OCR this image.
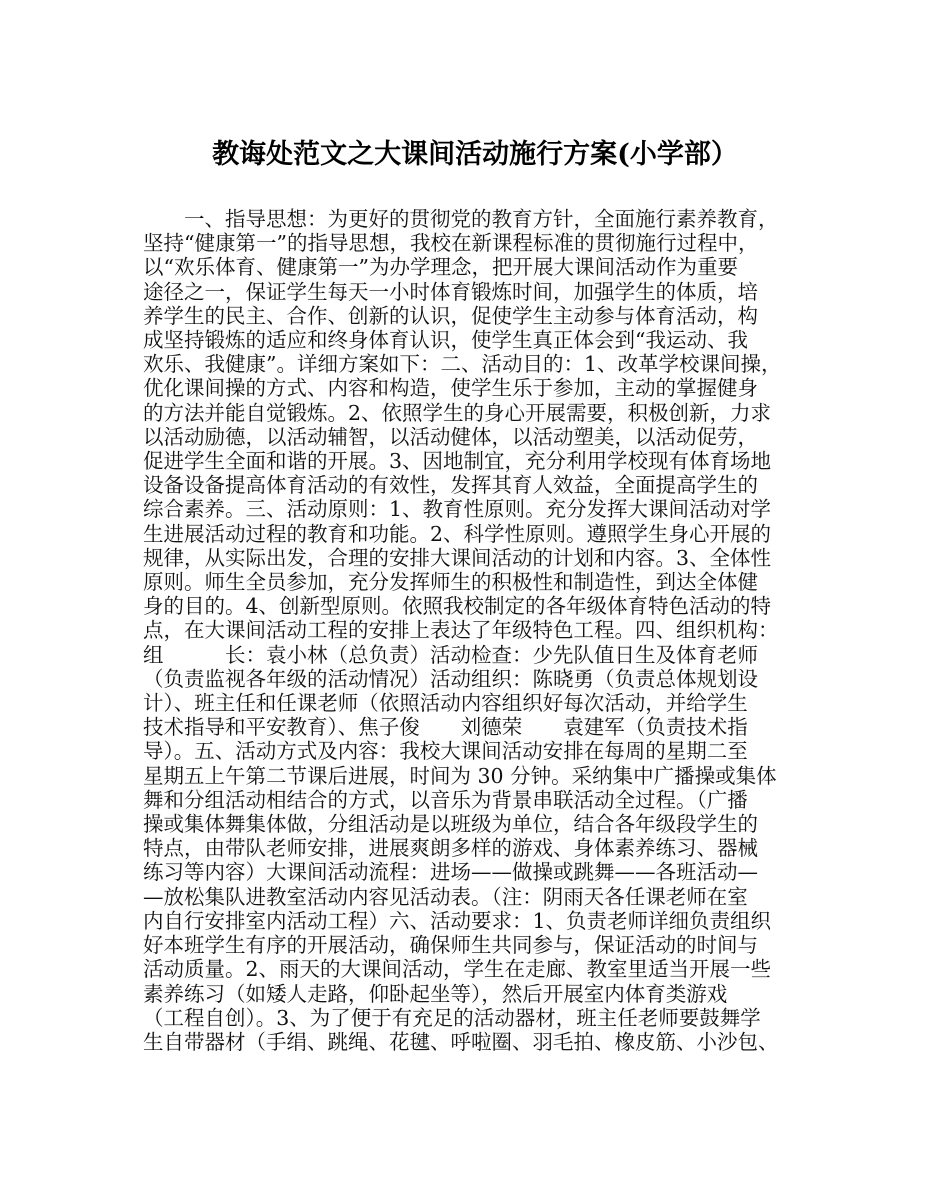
教诲处范文之大课间活动施行方案(小学部）
　　一、指导思想：为更好的贯彻党的教育方针，全面施行素养教育，
坚持“健康第一”的指导思想，我校在新课程标准的贯彻施行过程中，
以“欢乐体育、健康第一”为办学理念，把开展大课间活动作为重要
途径之一，保证学生每天一小时体育锻炼时间，加强学生的体质，培
养学生的民主、合作、创新的认识，促使学生主动参与体育活动，构
成坚持锻炼的适应和终身体育认识，使学生真正体会到“我运动、我
欢乐、我健康”。详细方案如下：二、活动目的：1、改革学校课间操，
优化课间操的方式、内容和构造，使学生乐于参加，主动的掌握健身
的方法并能自觉锻炼。2、依照学生的身心开展需要，积极创新，力求
以活动励德，以活动辅智，以活动健体，以活动塑美，以活动促劳，
促进学生全面和谐的开展。3、因地制宜，充分利用学校现有体育场地
设备设备提高体育活动的有效性，发挥其育人效益，全面提高学生的
综合素养。三、活动原则：1、教育性原则。充分发挥大课间活动对学
生进展活动过程的教育和功能。2、科学性原则。遵照学生身心开展的
规律，从实际出发，合理的安排大课间活动的计划和内容。3、全体性
原则。师生全员参加，充分发挥师生的积极性和制造性，到达全体健
身的目的。4、创新型原则。依照我校制定的各年级体育特色活动的特
点，在大课间活动工程的安排上表达了年级特色工程。四、组织机构：
组　　　长：袁小林（总负责）活动检查：少先队值日生及体育老师
（负责监视各年级的活动情况）活动组织：陈晓勇（负责总体规划设
计）、班主任和任课老师（依照活动内容组织好每次活动，并给学生
技术指导和平安教育）、焦子俊　　刘德荣　　袁建军（负责技术指
导）。五、活动方式及内容：我校大课间活动安排在每周的星期二至
星期五上午第二节课后进展，时间为 30 分钟。采纳集中广播操或集体
舞和分组活动相结合的方式，以音乐为背景串联活动全过程。（广播
操或集体舞集体做，分组活动是以班级为单位，结合各年级段学生的
特点，由带队老师安排，进展爽朗多样的游戏、身体素养练习、器械
练习等内容）大课间活动流程：进场——做操或跳舞——各班活动—
—放松集队进教室活动内容见活动表。（注：阴雨天各任课老师在室
内自行安排室内活动工程）六、活动要求：1、负责老师详细负责组织
好本班学生有序的开展活动，确保师生共同参与，保证活动的时间与
活动质量。2、雨天的大课间活动，学生在走廊、教室里适当开展一些
素养练习（如矮人走路，仰卧起坐等），然后开展室内体育类游戏
（工程自创）。3、为了便于有充足的活动器材，班主任老师要鼓舞学
生自带器材（手绢、跳绳、花毽、呼啦圈、羽毛拍、橡皮筋、小沙包、
